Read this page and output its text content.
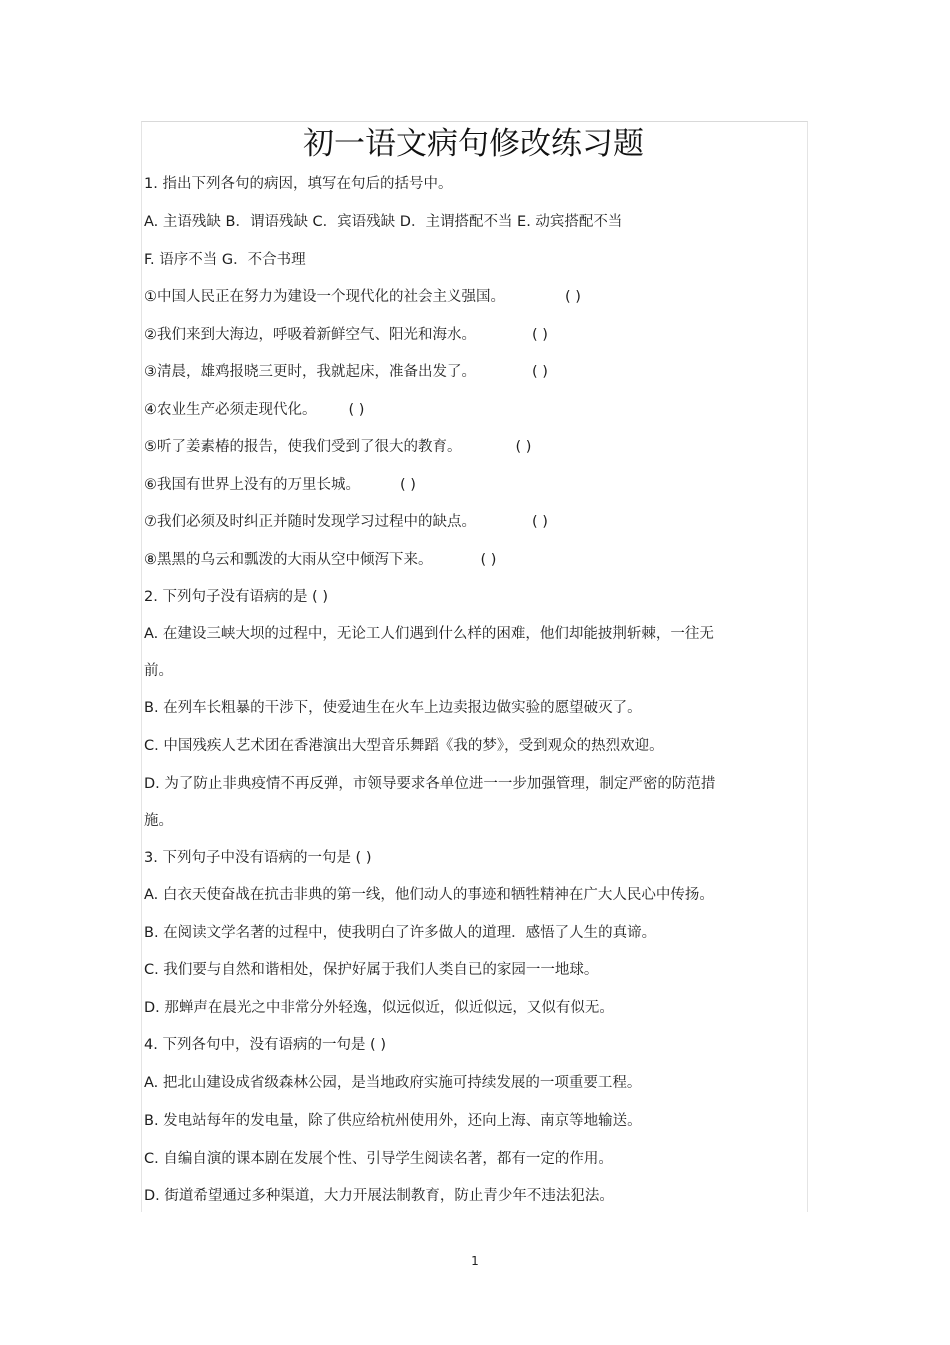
初一语文病句修改练习题
1. 指出下列各句的病因，填写在句后的括号中。
A. 主语残缺 B．谓语残缺 C．宾语残缺 D．主谓搭配不当 E. 动宾搭配不当
F. 语序不当 G．不合书理
①中国人民正在努力为建设一个现代化的社会主义强国。	( )
②我们来到大海边，呼吸着新鲜空气、阳光和海水。	( )
③清晨，雄鸡报晓三更时，我就起床，准备出发了。	( )
④农业生产必须走现代化。 ( )
⑤听了姜素椿的报告，使我们受到了很大的教育。	( )
⑥我国有世界上没有的万里长城。	( )
⑦我们必须及时纠正并随时发现学习过程中的缺点。	( )
⑧黑黑的乌云和瓢泼的大雨从空中倾泻下来。	( )
2. 下列句子没有语病的是 ( )
A. 在建设三峡大坝的过程中，无论工人们遇到什么样的困难，他们却能披荆斩棘，一往无
前。
B. 在列车长粗暴的干涉下，使爱迪生在火车上边卖报边做实验的愿望破灭了。
C. 中国残疾人艺术团在香港演出大型音乐舞蹈《我的梦》，受到观众的热烈欢迎。
D. 为了防止非典疫情不再反弹，市领导要求各单位进一一步加强管理，制定严密的防范措
施。
3. 下列句子中没有语病的一句是 ( )
A. 白衣天使奋战在抗击非典的第一线，他们动人的事迹和牺牲精神在广大人民心中传扬。
B. 在阅读文学名著的过程中，使我明白了许多做人的道理．感悟了人生的真谛。
C. 我们要与自然和谐相处，保护好属于我们人类自已的家园一一地球。
D. 那蝉声在晨光之中非常分外轻逸，似远似近，似近似远，又似有似无。
4. 下列各句中，没有语病的一句是 ( )
A. 把北山建设成省级森林公园，是当地政府实施可持续发展的一项重要工程。
B. 发电站每年的发电量，除了供应给杭州使用外，还向上海、南京等地输送。
C. 自编自演的课本剧在发展个性、引导学生阅读名著，都有一定的作用。
D. 街道希望通过多种渠道，大力开展法制教育，防止青少年不违法犯法。
1
